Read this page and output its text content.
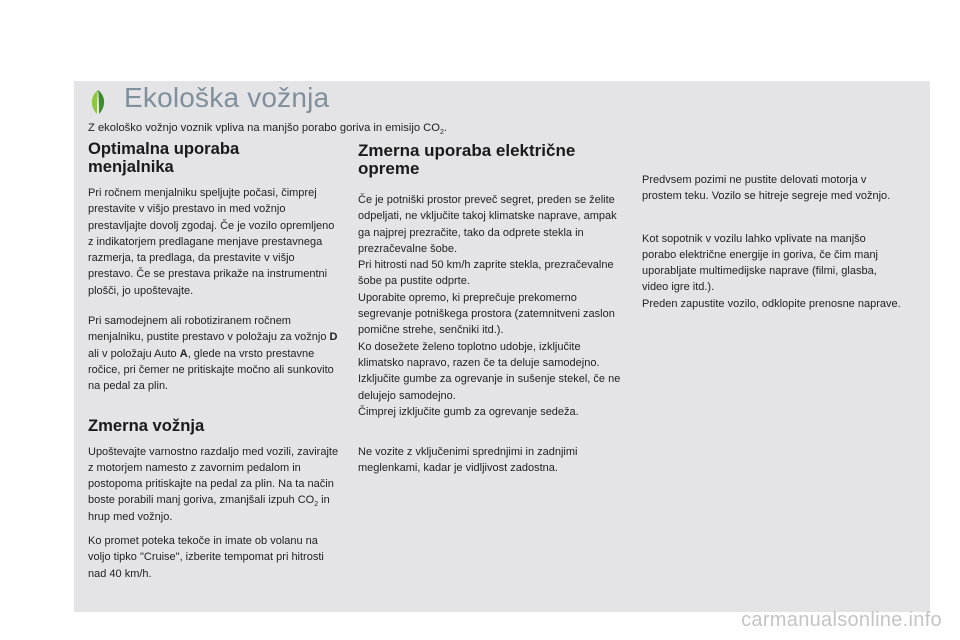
Ekološka vožnja

Z ekološko vožnjo voznik vpliva na manjšo porabo goriva in emisijo $CO_2$.

Optimalna uporaba
menjalnika

Pri ročnem menjalniku speljujte počasi, čimprej prestavite v višjo prestavo in med vožnjo prestavljajte dovolj zgodaj. Če je vozilo opremljeno z indikatorjem predlagane menjave prestavnega razmerja, ta predlaga, da prestavite v višjo prestavo. Če se prestava prikaže na instrumentni plošči, jo upoštevajte.

Pri samodejnem ali robotiziranem ročnem menjalniku, pustite prestavo v položaju za vožnjo D ali v položaju Auto A, glede na vrsto prestavne ročice, pri čemer ne pritiskajte močno ali sunkovito na pedal za plin.

Zmerna vožnja

Upoštevajte varnostno razdaljo med vozili, zavirajte z motorjem namesto z zavornim pedalom in postopoma pritiskajte na pedal za plin. Na ta način boste porabili manj goriva, zmanjšali izpuh $CO_2$ in hrup med vožnjo.

Ko promet poteka tekoče in imate ob volanu na voljo tipko "Cruise", izberite tempomat pri hitrosti nad 40 km/h.

Zmerna uporaba električne opreme

Če je potniški prostor preveč segret, preden se želite odpeljati, ne vključite takoj klimatske naprave, ampak ga najprej prezračite, tako da odprete stekla in prezračevalne šobe.

Pri hitrosti nad 50 km/h zaprite stekla, prezračevalne šobe pa pustite odprte.

Uporabite opremo, ki preprečuje prekomerno segrevanje potniškega prostora (zatemnitveni zaslon pomične strehe, senčniki itd.).

Ko dosežete želeno toplotno udobje, izključite klimatsko napravo, razen če ta deluje samodejno.

Izključite gumbe za ogrevanje in sušenje stekel, če ne delujejo samodejno.

Čimprej izključite gumb za ogrevanje sedeža.

Ne vozite z vključenimi sprednjimi in zadnjimi meglenkami, kadar je vidljivost zadostna.

Predvsem pozimi ne pustite delovati motorja v prostem teku. Vozilo se hitreje segreje med vožnjo.

Kot sopotnik v vozilu lahko vplivate na manjšo porabo električne energije in goriva, če čim manj uporabljate multimedijske naprave (filmi, glasba, video igre itd.).

Preden zapustite vozilo, odklopite prenosne naprave.

carmanualsonline.info
